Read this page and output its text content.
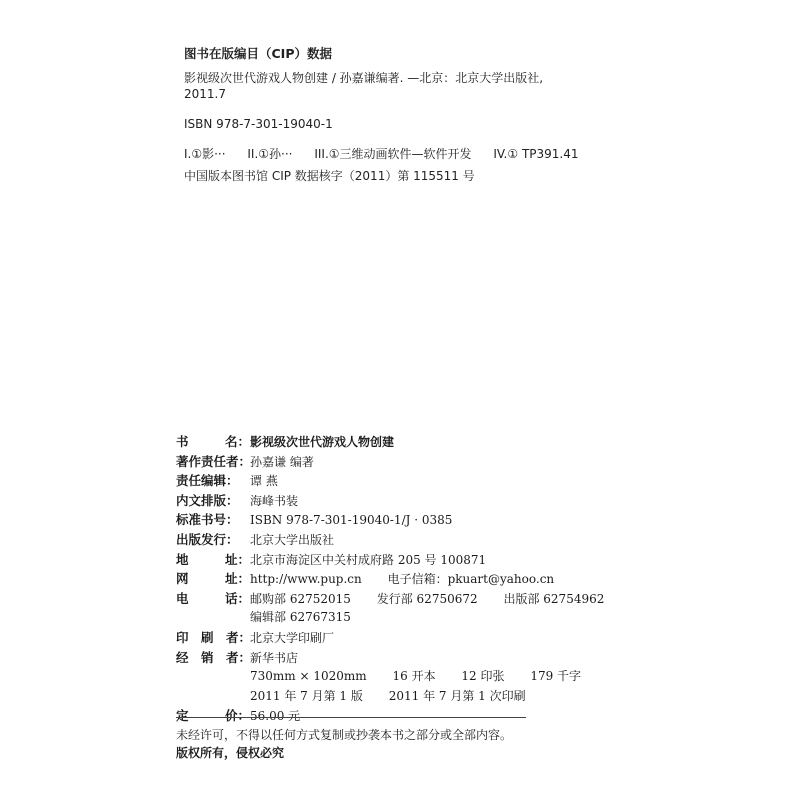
图书在版编目（CIP）数据

影视级次世代游戏人物创建 / 孙嘉谦编著. —北京：北京大学出版社,

2011.7

ISBN 978-7-301-19040-1

I.①影··· II.①孙··· III.①三维动画软件—软件开发 IV.① TP391.41

中国版本图书馆 CIP 数据核字（2011）第 115511 号

书	名： 影视级次世代游戏人物创建
著作责任者：
孙嘉谦 编著
责任编辑： 谭 燕
内文排版： 海峰书装
标准书号： ISBN 978-7-301-19040-1/J · 0385
出版发行： 北京大学出版社
地	址： 北京市海淀区中关村成府路 205 号 100871
网	址： http://www.pup.cn 电子信箱：pkuart@yahoo.cn
电	话： 邮购部 62752015 发行部 62750672 出版部 62754962
编辑部 62767315
印　刷　者：
北京大学印刷厂
经　销　者：
新华书店
730mm × 1020mm 16 开本 12 印张 179 千字
2011 年 7 月第 1 版 2011 年 7 月第 1 次印刷
定	价： 56.00 元
未经许可，不得以任何方式复制或抄袭本书之部分或全部内容。
版权所有，侵权必究
